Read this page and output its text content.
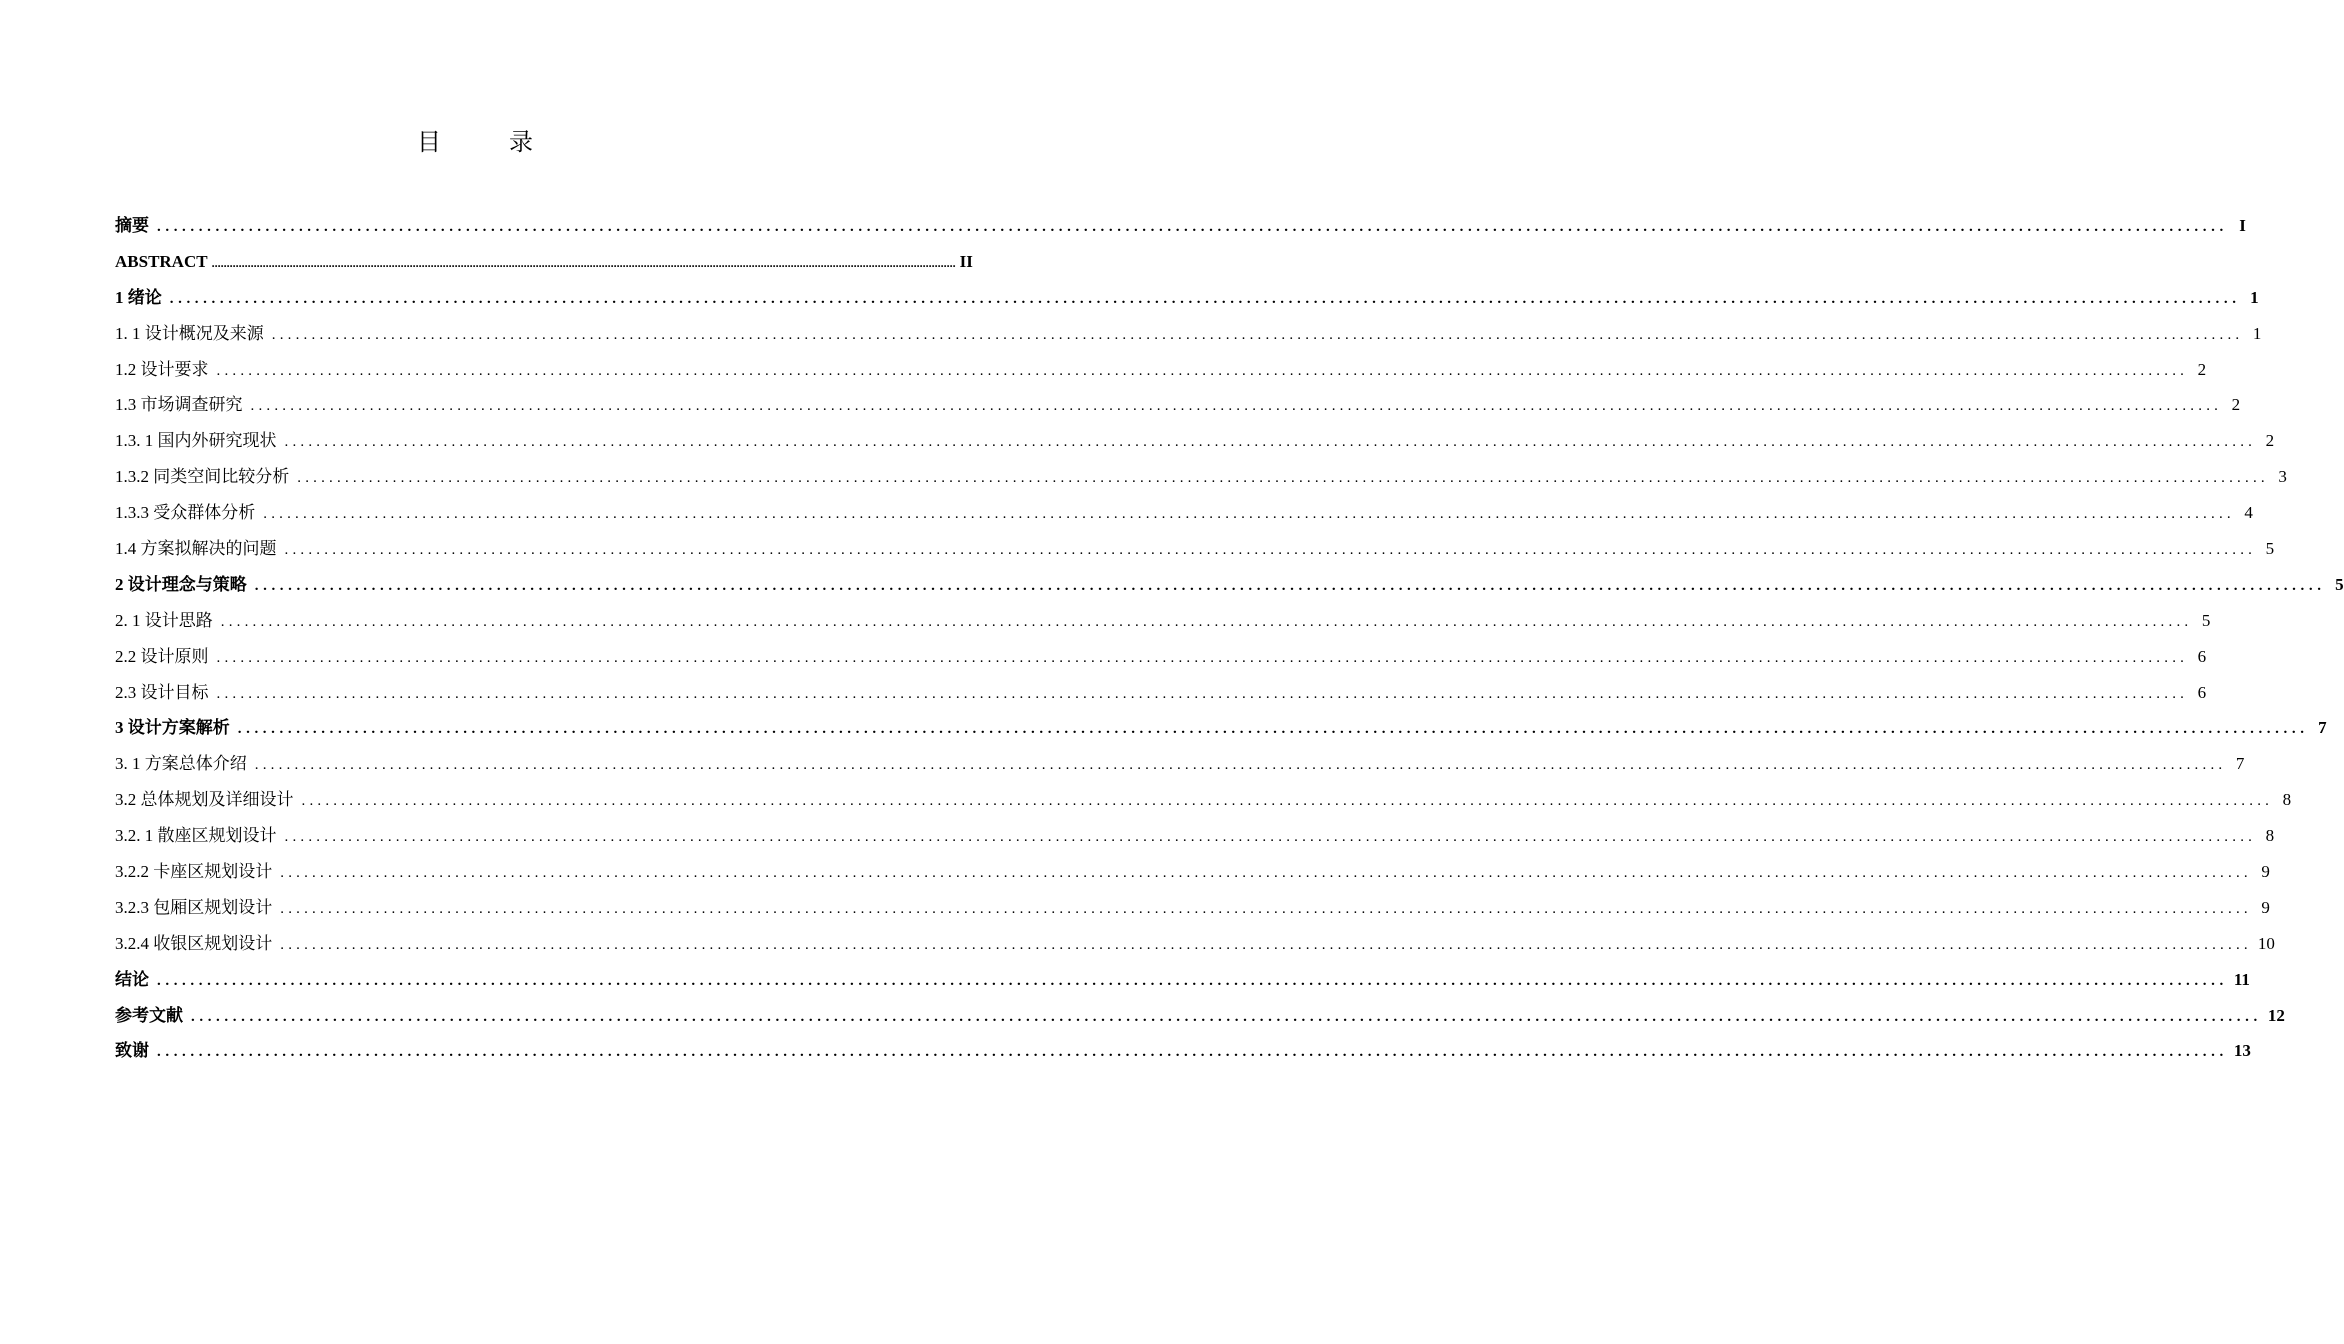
目　录
摘要 ........................................................................................................................................................................................................................................................ I
ABSTRACT ........................................................................................................................................................................................................................................................ II
1 绪论 ........................................................................................................................................................................................................................................................ 1
1. 1 设计概况及来源 ........................................................................................................................................................................................................................................................ 1
1.2 设计要求 ........................................................................................................................................................................................................................................................ 2
1.3 市场调查研究 ........................................................................................................................................................................................................................................................ 2
1.3. 1 国内外研究现状 ........................................................................................................................................................................................................................................................ 2
1.3.2 同类空间比较分析 ........................................................................................................................................................................................................................................................ 3
1.3.3 受众群体分析 ........................................................................................................................................................................................................................................................ 4
1.4 方案拟解决的问题 ........................................................................................................................................................................................................................................................ 5
2 设计理念与策略 ........................................................................................................................................................................................................................................................ 5
2. 1 设计思路 ........................................................................................................................................................................................................................................................ 5
2.2 设计原则 ........................................................................................................................................................................................................................................................ 6
2.3 设计目标 ........................................................................................................................................................................................................................................................ 6
3 设计方案解析 ........................................................................................................................................................................................................................................................ 7
3. 1 方案总体介绍 ........................................................................................................................................................................................................................................................ 7
3.2 总体规划及详细设计 ........................................................................................................................................................................................................................................................ 8
3.2. 1 散座区规划设计 ........................................................................................................................................................................................................................................................ 8
3.2.2 卡座区规划设计 ........................................................................................................................................................................................................................................................ 9
3.2.3 包厢区规划设计 ........................................................................................................................................................................................................................................................ 9
3.2.4 收银区规划设计 ........................................................................................................................................................................................................................................................ 10
结论 ........................................................................................................................................................................................................................................................ 11
参考文献 ........................................................................................................................................................................................................................................................ 12
致谢 ........................................................................................................................................................................................................................................................ 13
